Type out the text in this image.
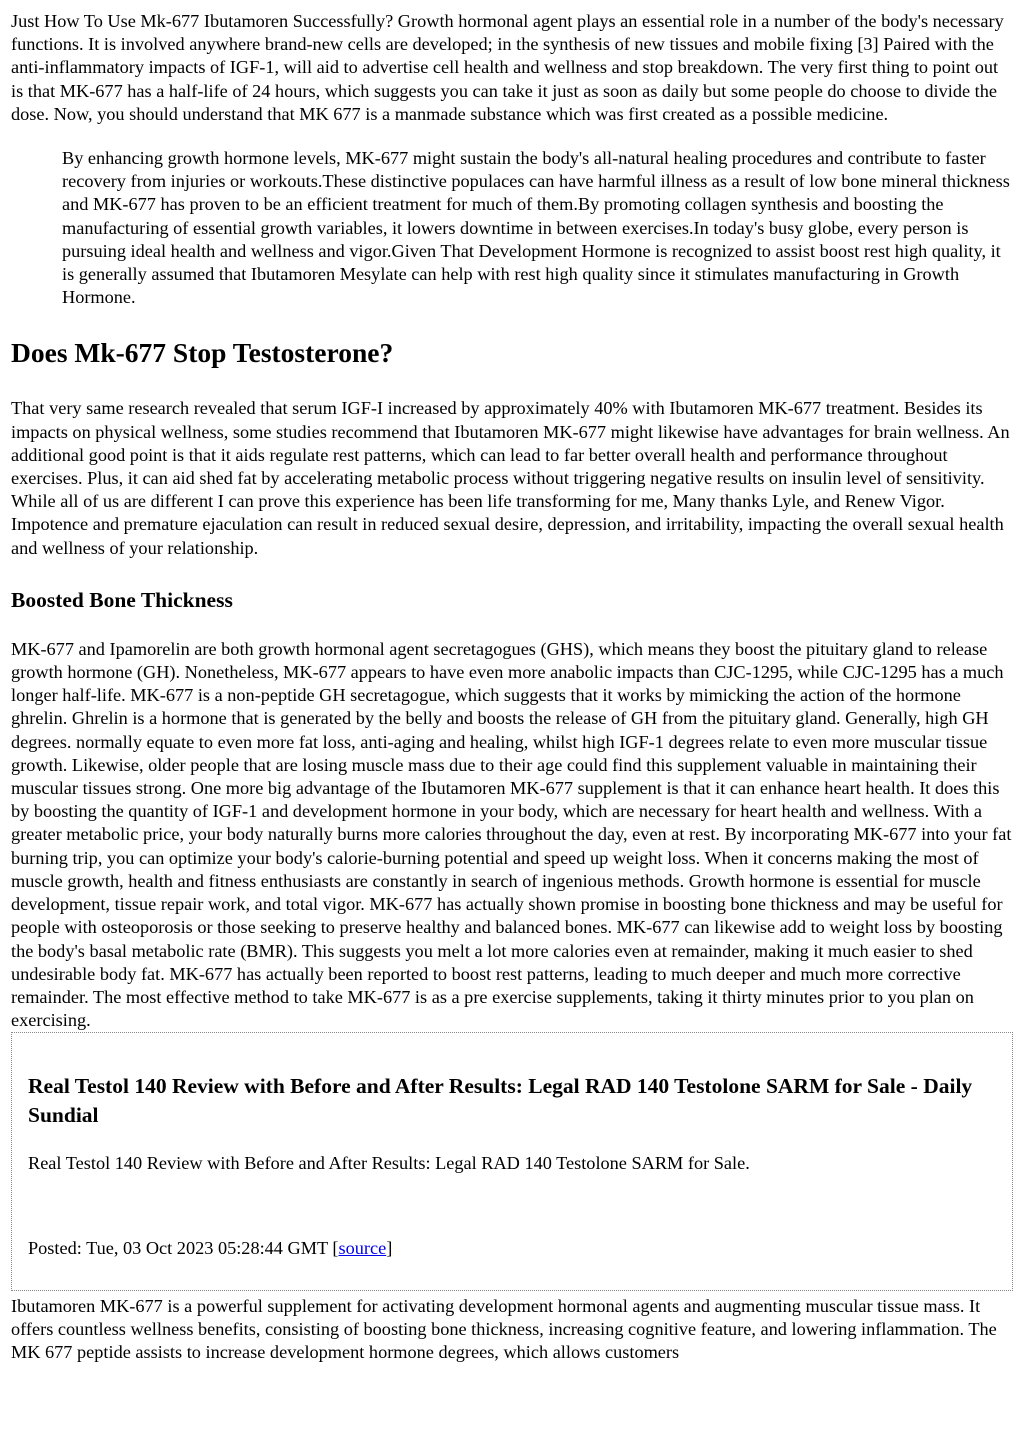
Just How To Use Mk-677 Ibutamoren Successfully? Growth hormonal agent plays an essential role in a number of the body's necessary functions. It is involved anywhere brand-new cells are developed; in the synthesis of new tissues and mobile fixing [3] Paired with the anti-inflammatory impacts of IGF-1, will aid to advertise cell health and wellness and stop breakdown. The very first thing to point out is that MK-677 has a half-life of 24 hours, which suggests you can take it just as soon as daily but some people do choose to divide the dose. Now, you should understand that MK 677 is a manmade substance which was first created as a possible medicine.

By enhancing growth hormone levels, MK-677 might sustain the body's all-natural healing procedures and contribute to faster recovery from injuries or workouts.These distinctive populaces can have harmful illness as a result of low bone mineral thickness and MK-677 has proven to be an efficient treatment for much of them.By promoting collagen synthesis and boosting the manufacturing of essential growth variables, it lowers downtime in between exercises.In today's busy globe, every person is pursuing ideal health and wellness and vigor.Given That Development Hormone is recognized to assist boost rest high quality, it is generally assumed that Ibutamoren Mesylate can help with rest high quality since it stimulates manufacturing in Growth Hormone.

Does Mk-677 Stop Testosterone?

That very same research revealed that serum IGF-I increased by approximately 40% with Ibutamoren MK-677 treatment. Besides its impacts on physical wellness, some studies recommend that Ibutamoren MK-677 might likewise have advantages for brain wellness. An additional good point is that it aids regulate rest patterns, which can lead to far better overall health and performance throughout exercises. Plus, it can aid shed fat by accelerating metabolic process without triggering negative results on insulin level of sensitivity. While all of us are different I can prove this experience has been life transforming for me, Many thanks Lyle, and Renew Vigor. Impotence and premature ejaculation can result in reduced sexual desire, depression, and irritability, impacting the overall sexual health and wellness of your relationship.

Boosted Bone Thickness

MK-677 and Ipamorelin are both growth hormonal agent secretagogues (GHS), which means they boost the pituitary gland to release growth hormone (GH). Nonetheless, MK-677 appears to have even more anabolic impacts than CJC-1295, while CJC-1295 has a much longer half-life. MK-677 is a non-peptide GH secretagogue, which suggests that it works by mimicking the action of the hormone ghrelin. Ghrelin is a hormone that is generated by the belly and boosts the release of GH from the pituitary gland. Generally, high GH degrees. normally equate to even more fat loss, anti-aging and healing, whilst high IGF-1 degrees relate to even more muscular tissue growth. Likewise, older people that are losing muscle mass due to their age could find this supplement valuable in maintaining their muscular tissues strong. One more big advantage of the Ibutamoren MK-677 supplement is that it can enhance heart health. It does this by boosting the quantity of IGF-1 and development hormone in your body, which are necessary for heart health and wellness. With a greater metabolic price, your body naturally burns more calories throughout the day, even at rest. By incorporating MK-677 into your fat burning trip, you can optimize your body's calorie-burning potential and speed up weight loss. When it concerns making the most of muscle growth, health and fitness enthusiasts are constantly in search of ingenious methods. Growth hormone is essential for muscle development, tissue repair work, and total vigor. MK-677 has actually shown promise in boosting bone thickness and may be useful for people with osteoporosis or those seeking to preserve healthy and balanced bones. MK-677 can likewise add to weight loss by boosting the body's basal metabolic rate (BMR). This suggests you melt a lot more calories even at remainder, making it much easier to shed undesirable body fat. MK-677 has actually been reported to boost rest patterns, leading to much deeper and much more corrective remainder. The most effective method to take MK-677 is as a pre exercise supplements, taking it thirty minutes prior to you plan on exercising.

Real Testol 140 Review with Before and After Results: Legal RAD 140 Testolone SARM for Sale - Daily Sundial

Real Testol 140 Review with Before and After Results: Legal RAD 140 Testolone SARM for Sale.

Posted: Tue, 03 Oct 2023 05:28:44 GMT [source]

Ibutamoren MK-677 is a powerful supplement for activating development hormonal agents and augmenting muscular tissue mass. It offers countless wellness benefits, consisting of boosting bone thickness, increasing cognitive feature, and lowering inflammation. The MK 677 peptide assists to increase development hormone degrees, which allows customers
